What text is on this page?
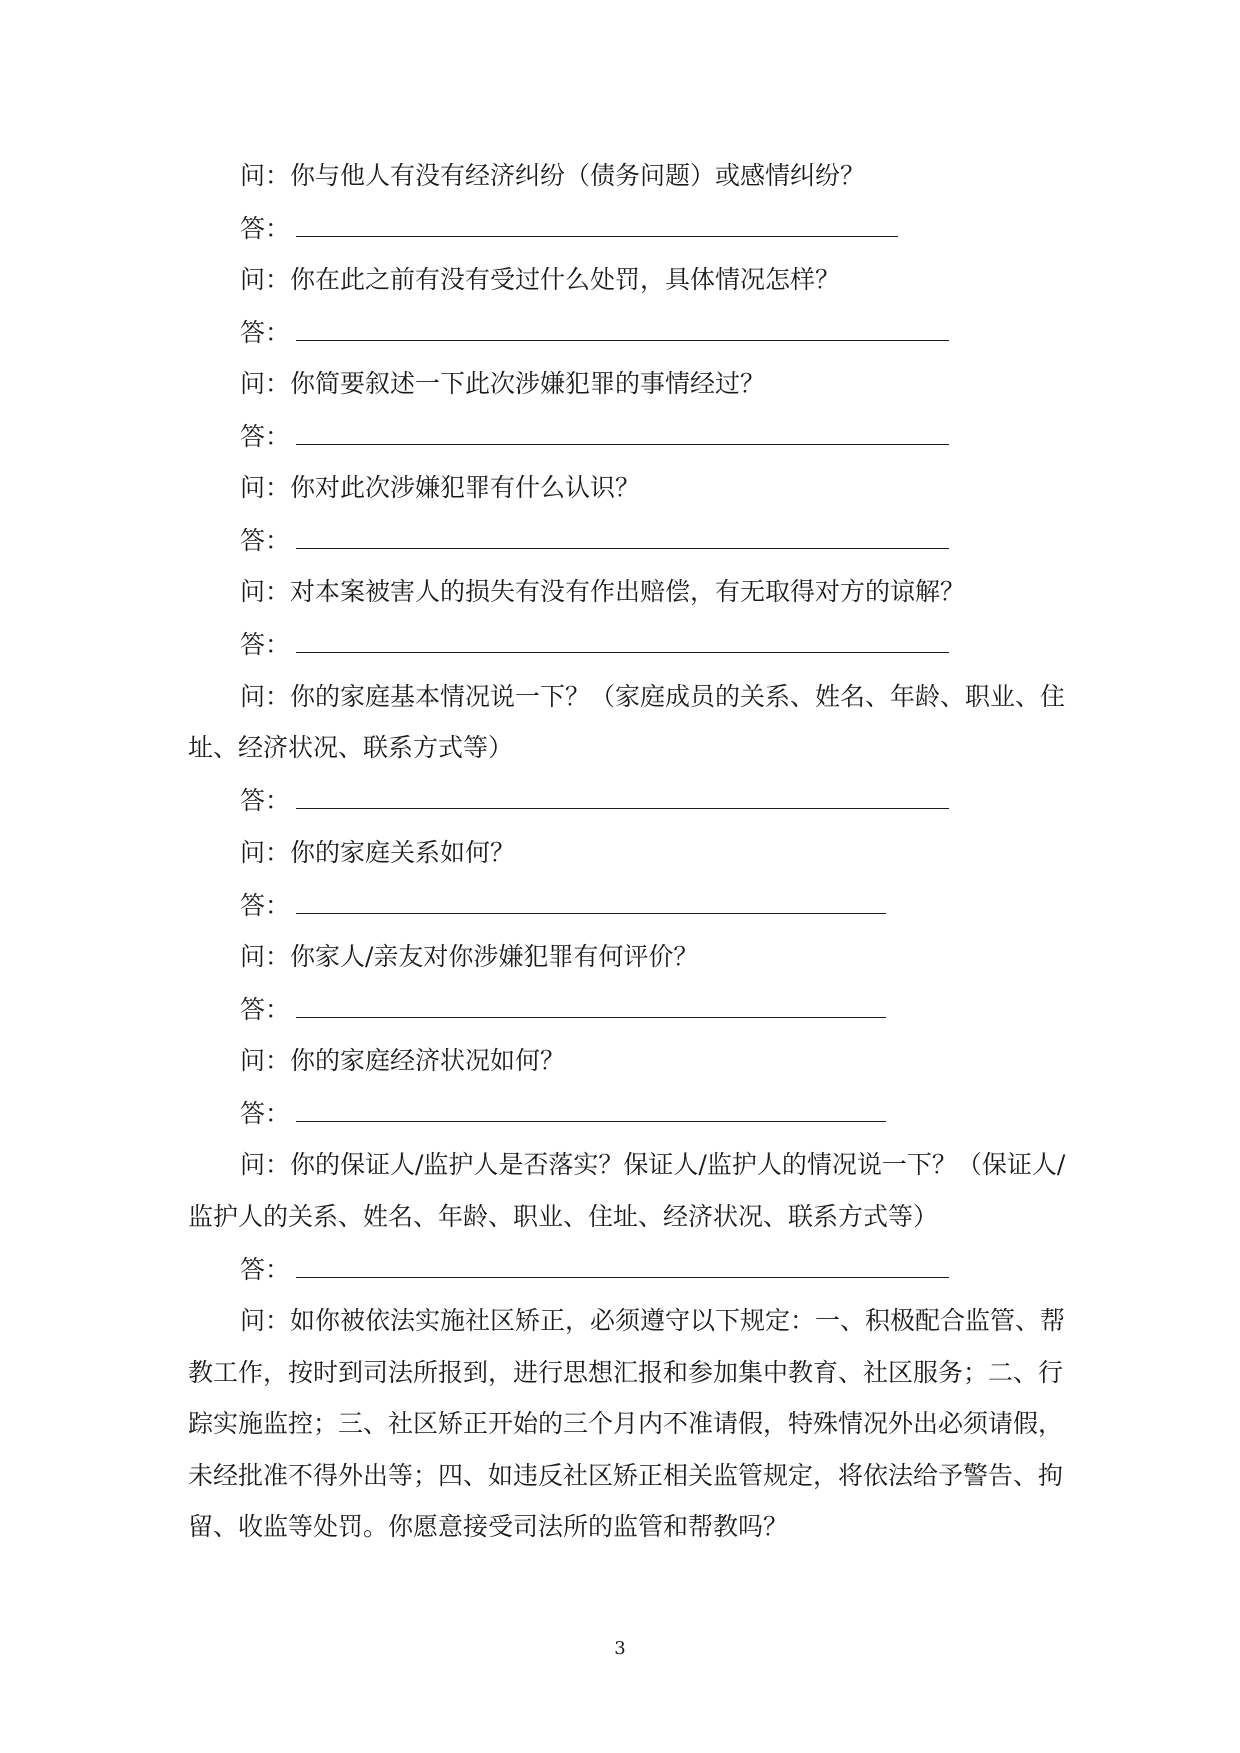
问：你与他人有没有经济纠纷（债务问题）或感情纠纷？
答：
问：你在此之前有没有受过什么处罚，具体情况怎样？
答：
问：你简要叙述一下此次涉嫌犯罪的事情经过？
答：
问：你对此次涉嫌犯罪有什么认识？
答：
问：对本案被害人的损失有没有作出赔偿，有无取得对方的谅解？
答：
问：你的家庭基本情况说一下？（家庭成员的关系、姓名、年龄、职业、住
址、经济状况、联系方式等）
答：
问：你的家庭关系如何？
答：
问：你家人/亲友对你涉嫌犯罪有何评价？
答：
问：你的家庭经济状况如何？
答：
问：你的保证人/监护人是否落实？保证人/监护人的情况说一下？（保证人/
监护人的关系、姓名、年龄、职业、住址、经济状况、联系方式等）
答：
问：如你被依法实施社区矫正，必须遵守以下规定：一、积极配合监管、帮
教工作，按时到司法所报到，进行思想汇报和参加集中教育、社区服务；二、行
踪实施监控；三、社区矫正开始的三个月内不准请假，特殊情况外出必须请假，
未经批准不得外出等；四、如违反社区矫正相关监管规定，将依法给予警告、拘
留、收监等处罚。你愿意接受司法所的监管和帮教吗？
3
